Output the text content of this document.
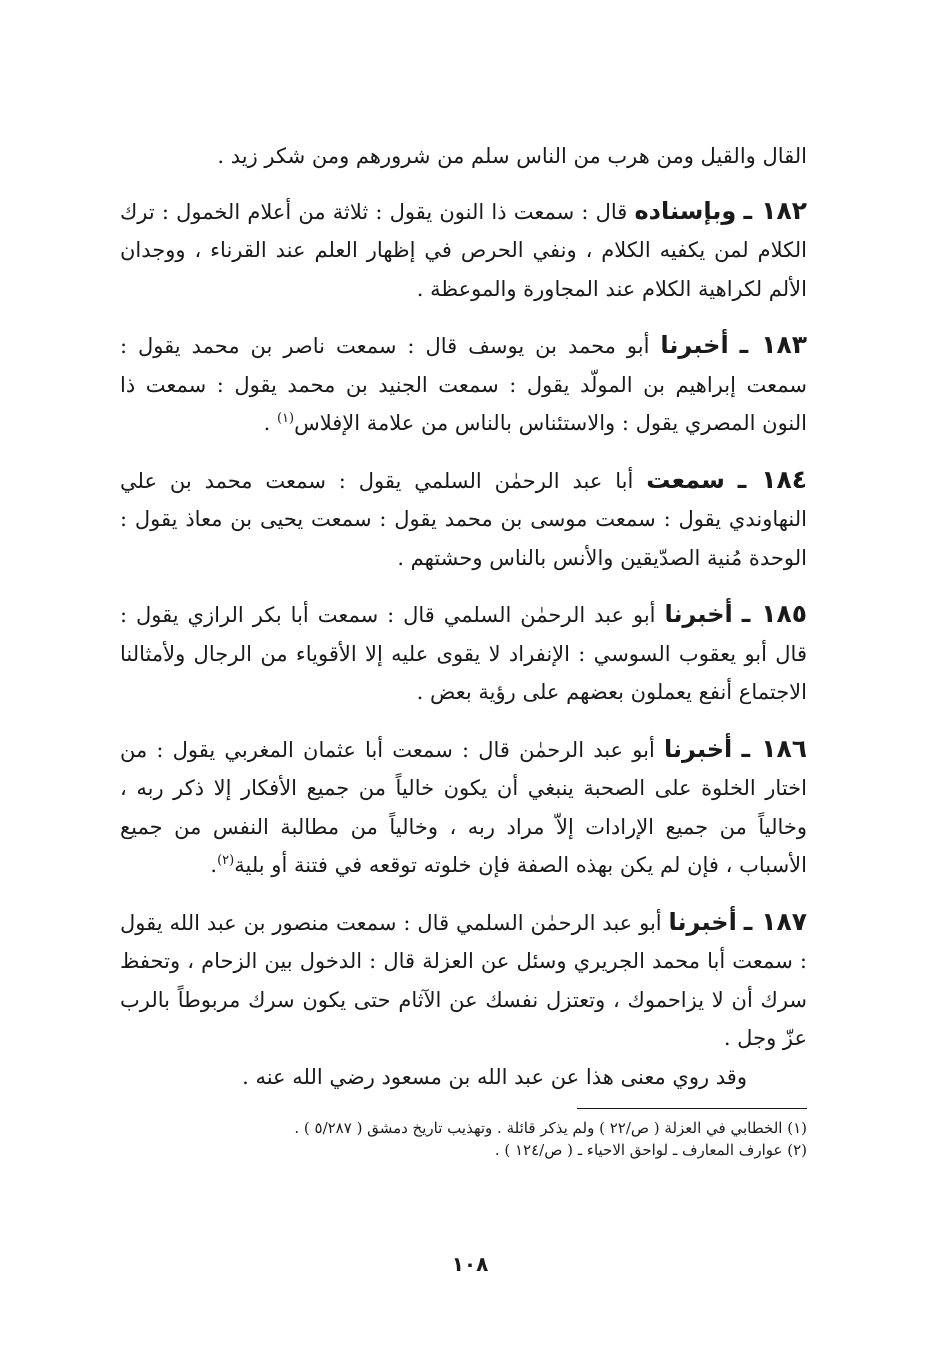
القال والقيل ومن هرب من الناس سلم من شرورهم ومن شكر زيد .

١٨٢ ـ وبإسناده قال : سمعت ذا النون يقول : ثلاثة من أعلام الخمول : ترك الكلام لمن يكفيه الكلام ، ونفي الحرص في إظهار العلم عند القرناء ، ووجدان الألم لكراهية الكلام عند المجاورة والموعظة .

١٨٣ ـ أخبرنا أبو محمد بن يوسف قال : سمعت ناصر بن محمد يقول : سمعت إبراهيم بن المولّد يقول : سمعت الجنيد بن محمد يقول : سمعت ذا النون المصري يقول : والاستئناس بالناس من علامة الإفلاس$^{(١)}$ .

١٨٤ ـ سمعت أبا عبد الرحمٰن السلمي يقول : سمعت محمد بن علي النهاوندي يقول : سمعت موسى بن محمد يقول : سمعت يحيى بن معاذ يقول : الوحدة مُنية الصدّيقين والأنس بالناس وحشتهم .

١٨٥ ـ أخبرنا أبو عبد الرحمٰن السلمي قال : سمعت أبا بكر الرازي يقول : قال أبو يعقوب السوسي : الإنفراد لا يقوى عليه إلا الأقوياء من الرجال ولأمثالنا الاجتماع أنفع يعملون بعضهم على رؤية بعض .

١٨٦ ـ أخبرنا أبو عبد الرحمٰن قال : سمعت أبا عثمان المغربي يقول : من اختار الخلوة على الصحبة ينبغي أن يكون خالياً من جميع الأفكار إلا ذكر ربه ، وخالياً من جميع الإرادات إلاّ مراد ربه ، وخالياً من مطالبة النفس من جميع الأسباب ، فإن لم يكن بهذه الصفة فإن خلوته توقعه في فتنة أو بلية$^{(٢)}$.

١٨٧ ـ أخبرنا أبو عبد الرحمٰن السلمي قال : سمعت منصور بن عبد الله يقول : سمعت أبا محمد الجريري وسئل عن العزلة قال : الدخول بين الزحام ، وتحفظ سرك أن لا يزاحموك ، وتعتزل نفسك عن الآثام حتى يكون سرك مربوطاً بالرب عزّ وجل .
وقد روي معنى هذا عن عبد الله بن مسعود رضي الله عنه .

(١) الخطابي في العزلة ( ص/٢٢ ) ولم يذكر قائلة . وتهذيب تاريخ دمشق ( ٥/٢٨٧ ) .

(٢) عوارف المعارف ـ لواحق الاحياء ـ ( ص/١٢٤ ) .

١٠٨
